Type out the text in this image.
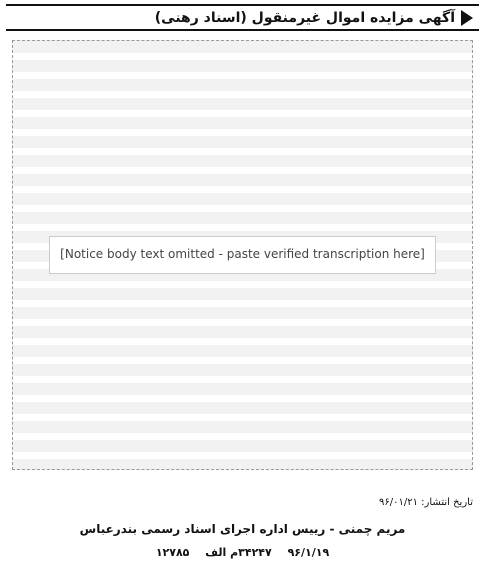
آگهی مزایده اموال غیرمنقول (اسناد رهنی)
[Notice body text omitted - paste verified transcription here]
تاریخ انتشار: ۹۶/۰۱/۲۱
مریم چمنی - رییس اداره اجرای اسناد رسمی بندرعباس
۹۶/۱/۱۹ ۳۴۲۴۷م الف ۱۲۷۸۵
